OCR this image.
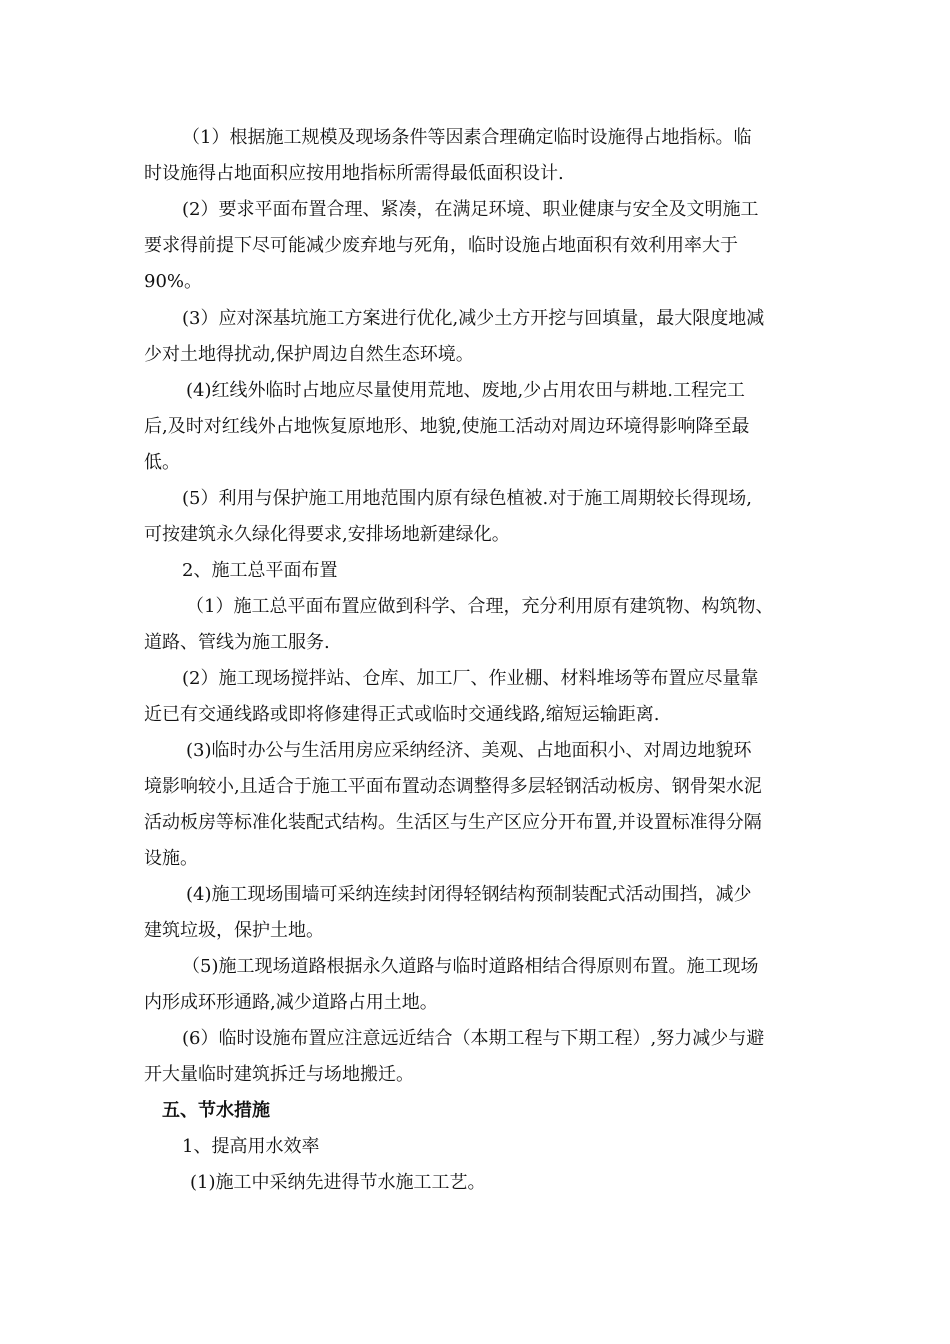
（1）根据施工规模及现场条件等因素合理确定临时设施得占地指标。临

时设施得占地面积应按用地指标所需得最低面积设计.

(2）要求平面布置合理、紧凑，在满足环境、职业健康与安全及文明施工

要求得前提下尽可能减少废弃地与死角，临时设施占地面积有效利用率大于

90%。

(3）应对深基坑施工方案进行优化,减少土方开挖与回填量，最大限度地减

少对土地得扰动,保护周边自然生态环境。

(4)红线外临时占地应尽量使用荒地、废地,少占用农田与耕地.工程完工

后,及时对红线外占地恢复原地形、地貌,使施工活动对周边环境得影响降至最

低。

(5）利用与保护施工用地范围内原有绿色植被.对于施工周期较长得现场,

可按建筑永久绿化得要求,安排场地新建绿化。

2、施工总平面布置

（1）施工总平面布置应做到科学、合理，充分利用原有建筑物、构筑物、

道路、管线为施工服务.

(2）施工现场搅拌站、仓库、加工厂、作业棚、材料堆场等布置应尽量靠

近已有交通线路或即将修建得正式或临时交通线路,缩短运输距离.

(3)临时办公与生活用房应采纳经济、美观、占地面积小、对周边地貌环

境影响较小,且适合于施工平面布置动态调整得多层轻钢活动板房、钢骨架水泥

活动板房等标准化装配式结构。生活区与生产区应分开布置,并设置标准得分隔

设施。

(4)施工现场围墙可采纳连续封闭得轻钢结构预制装配式活动围挡，减少

建筑垃圾，保护土地。

（5)施工现场道路根据永久道路与临时道路相结合得原则布置。施工现场

内形成环形通路,减少道路占用土地。

(6）临时设施布置应注意远近结合（本期工程与下期工程）,努力减少与避

开大量临时建筑拆迁与场地搬迁。

五、节水措施

1、提高用水效率

(1)施工中采纳先进得节水施工工艺。
